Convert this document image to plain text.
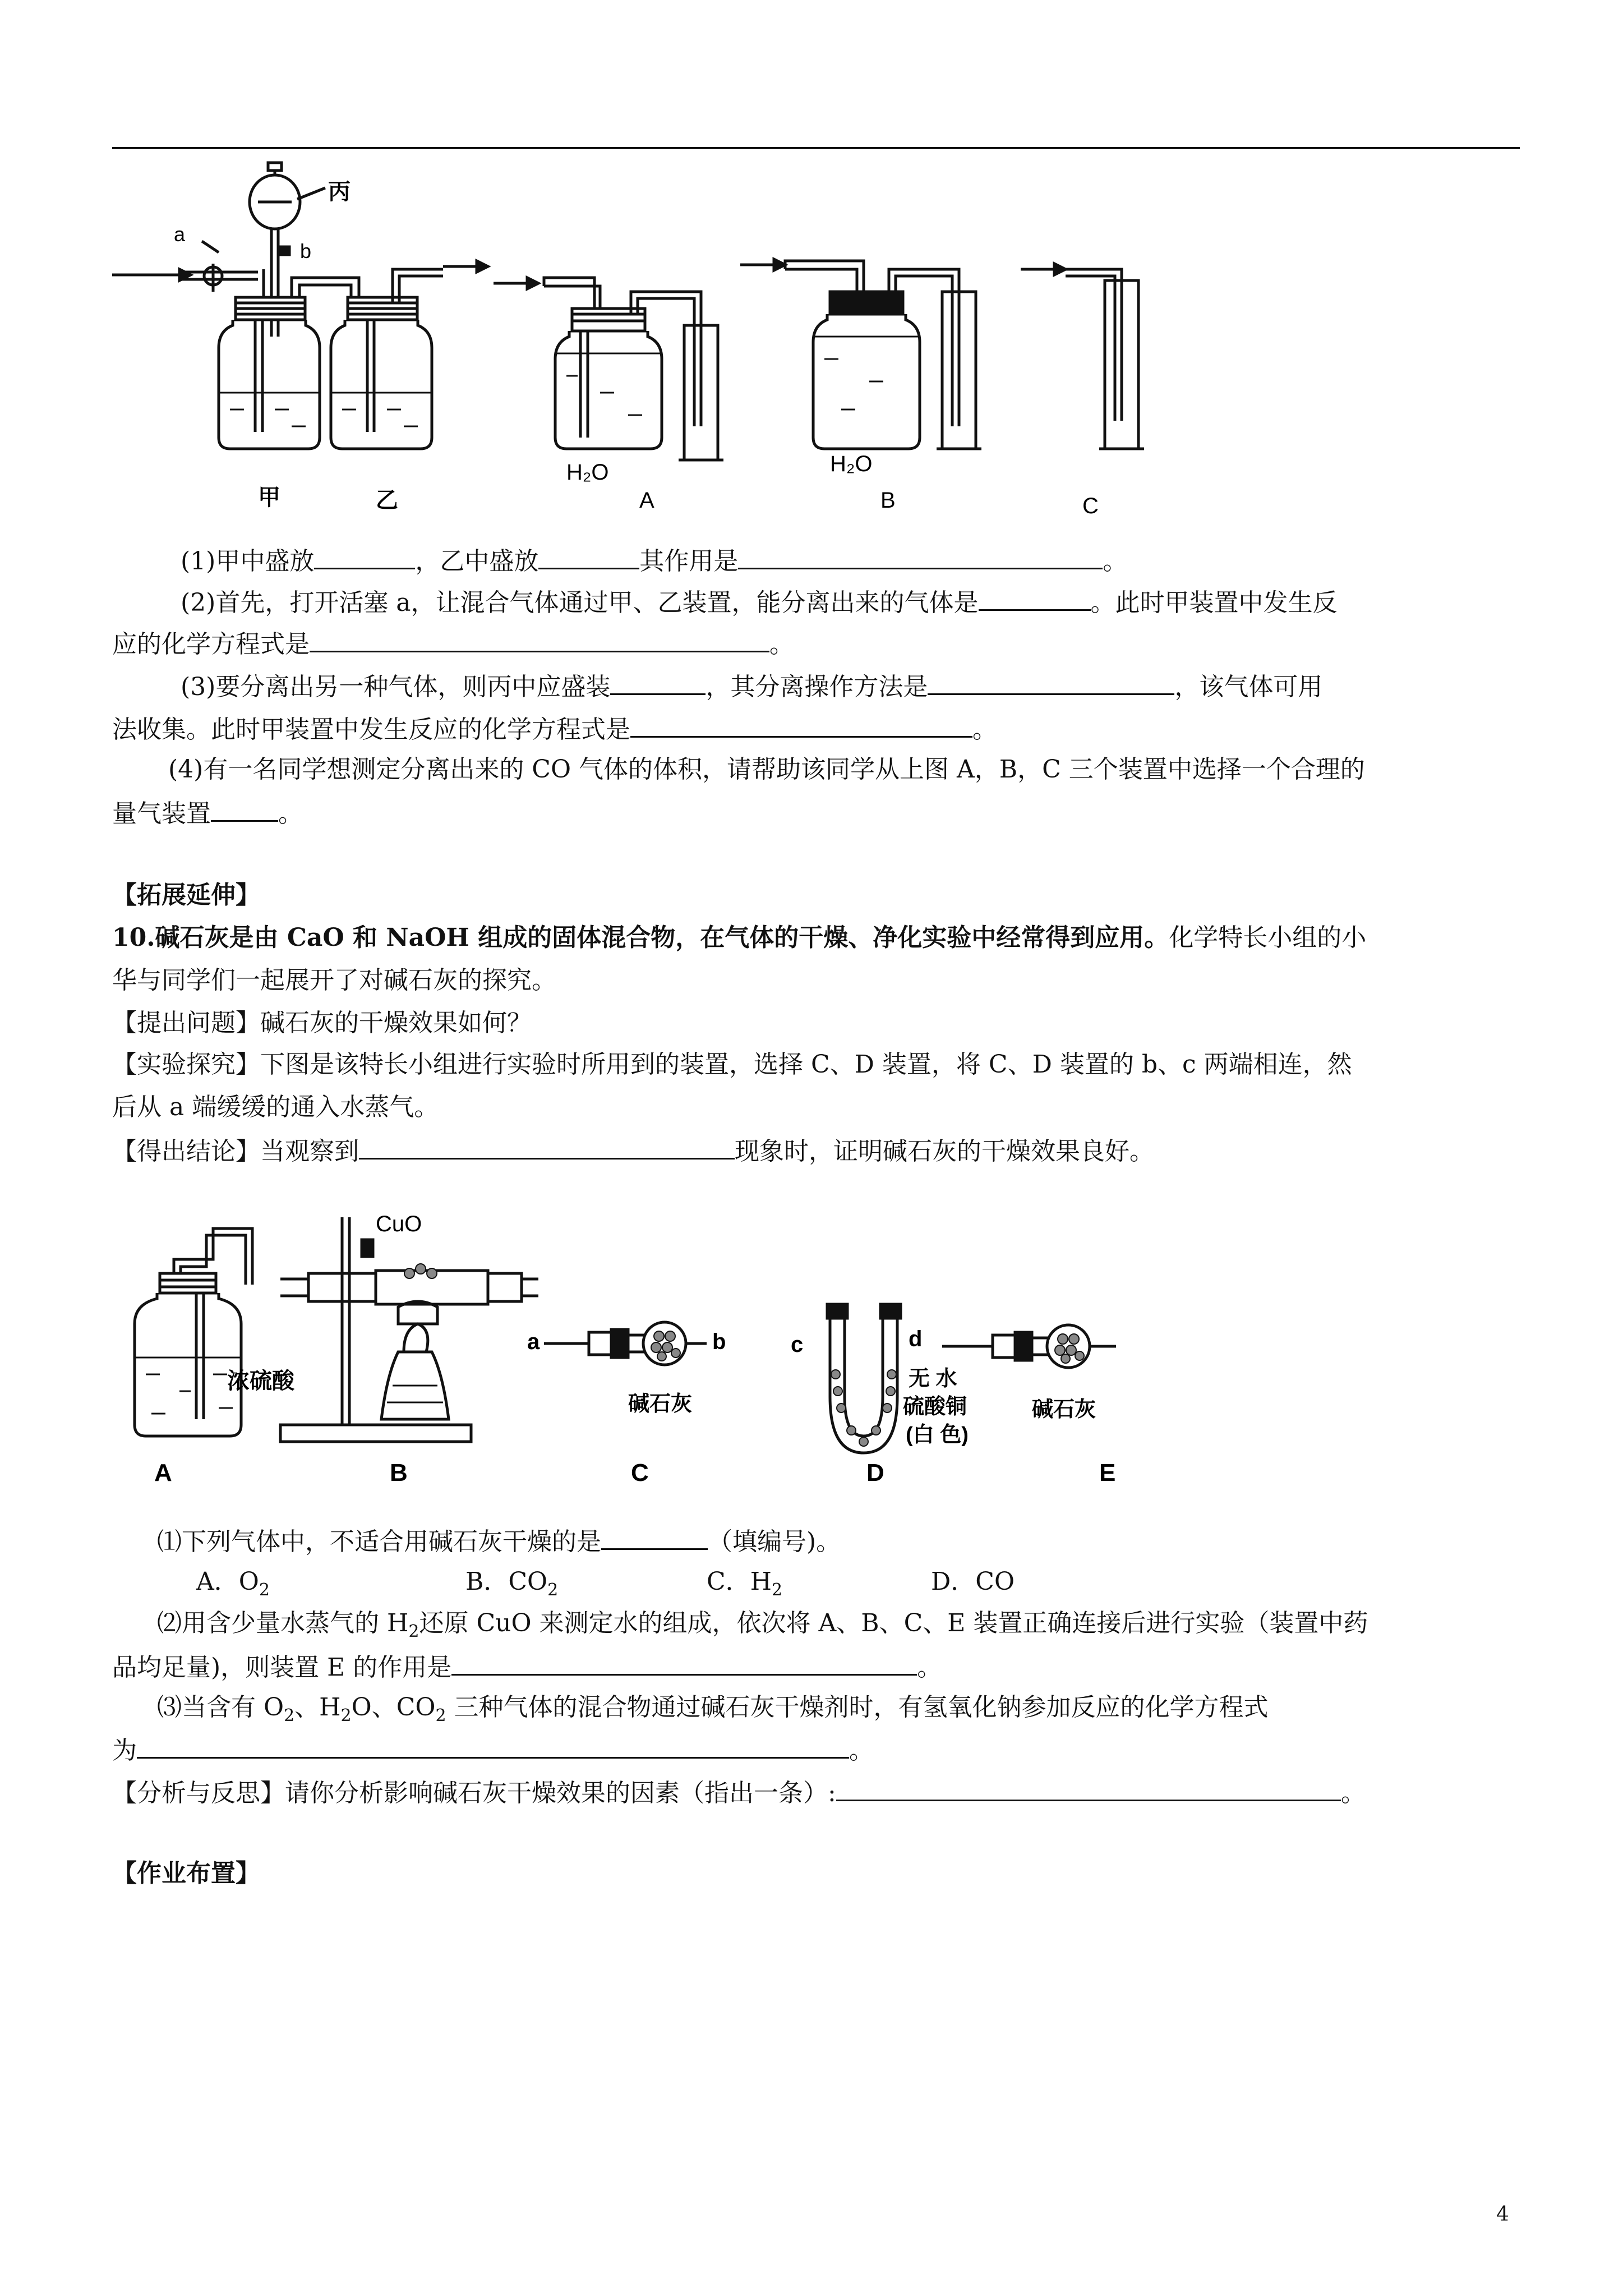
丙
a
b
甲	乙
H₂O
A
H₂O
B	C
(1)甲中盛放	，乙中盛放	其作用是	。
(2)首先，打开活塞 a，让混合气体通过甲、乙装置，能分离出来的气体是	。此时甲装置中发生反
应的化学方程式是	。
(3)要分离出另一种气体，则丙中应盛装	，其分离操作方法是	，该气体可用
法收集。此时甲装置中发生反应的化学方程式是	。
(4)有一名同学想测定分离出来的 CO 气体的体积，请帮助该同学从上图 A，B，C 三个装置中选择一个合理的
量气装置	。
【拓展延伸】
10.碱石灰是由 CaO 和 NaOH 组成的固体混合物，在气体的干燥、净化实验中经常得到应用。化学特长小组的小
华与同学们一起展开了对碱石灰的探究。
【提出问题】碱石灰的干燥效果如何？
【实验探究】下图是该特长小组进行实验时所用到的装置，选择 C、D 装置，将 C、D 装置的 b、c 两端相连，然
后从 a 端缓缓的通入水蒸气。
【得出结论】当观察到	现象时，证明碱石灰的干燥效果良好。
CuO
浓硫酸
a	b	c	d
碱石灰
无 水
硫酸铜
(白 色)
碱石灰
A	B	C	D	E
⑴下列气体中，不适合用碱石灰干燥的是	（填编号)。
A．$O_2$	B．$CO_2$	C．$H_2$	D．CO
⑵用含少量水蒸气的 $H_2$还原 CuO 来测定水的组成，依次将 A、B、C、E 装置正确连接后进行实验（装置中药
品均足量)，则装置 E 的作用是	。
⑶当含有 $O_2$、$H_2O$、$CO_2$ 三种气体的混合物通过碱石灰干燥剂时，有氢氧化钠参加反应的化学方程式
为	。
【分析与反思】请你分析影响碱石灰干燥效果的因素（指出一条）:	。
【作业布置】
4
